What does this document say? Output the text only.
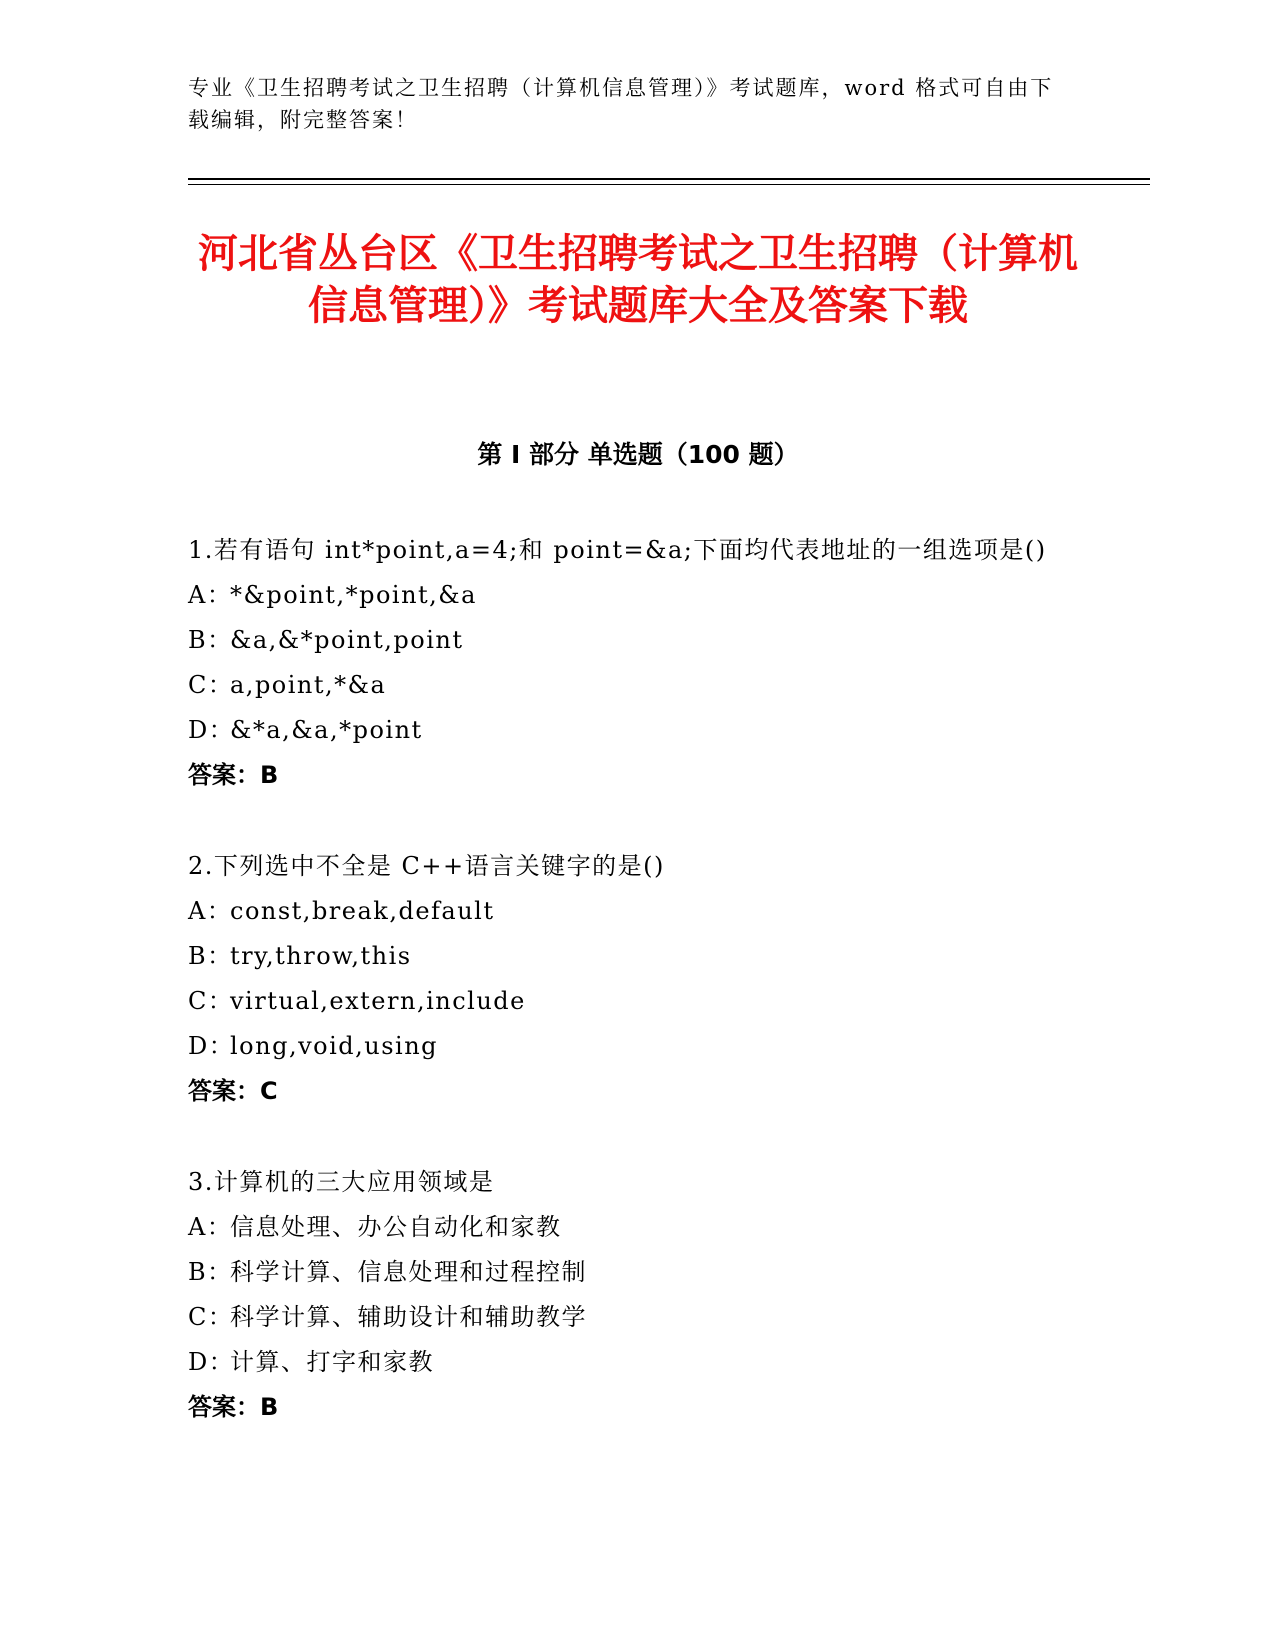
专业《卫生招聘考试之卫生招聘（计算机信息管理）》考试题库，word 格式可自由下载编辑，附完整答案！
河北省丛台区《卫生招聘考试之卫生招聘（计算机信息管理）》考试题库大全及答案下载
第 I 部分 单选题（100 题）
1.若有语句 int*point,a=4;和 point=&a;下面均代表地址的一组选项是()
A：*&point,*point,&a
B：&a,&*point,point
C：a,point,*&a
D：&*a,&a,*point
答案：B
2.下列选中不全是 C++语言关键字的是()
A：const,break,default
B：try,throw,this
C：virtual,extern,include
D：long,void,using
答案：C
3.计算机的三大应用领域是
A：信息处理、办公自动化和家教
B：科学计算、信息处理和过程控制
C：科学计算、辅助设计和辅助教学
D：计算、打字和家教
答案：B
